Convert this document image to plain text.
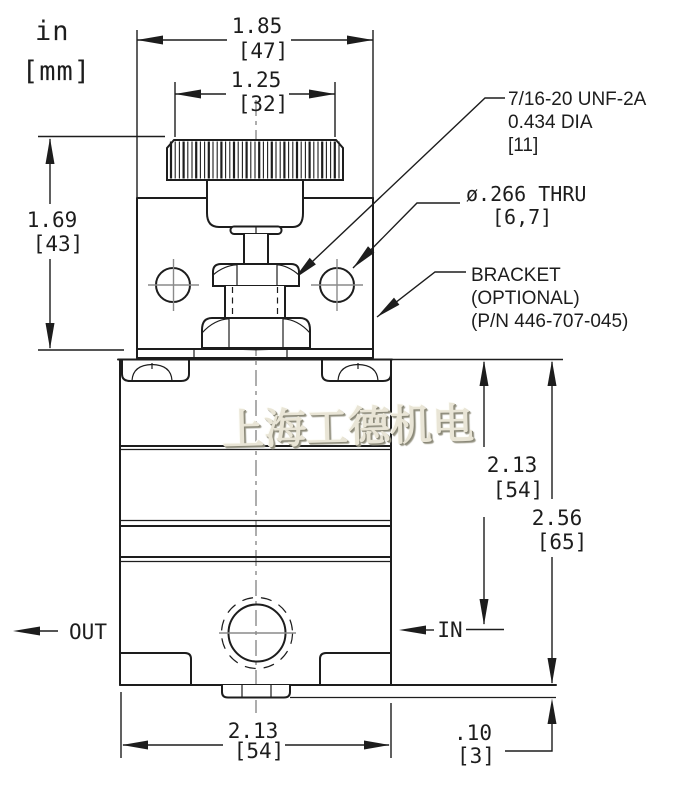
1.85
[47]
1.25
[32]
1.69
[43]
2.13
[54]
2.56
[65]
2.13
[54]
.10
[3]
OUT	IN
in
[mm]
7/16-20 UNF-2A
0.434 DIA
[11]
ø.266 THRU
[6,7]
BRACKET
(OPTIONAL)
(P/N 446-707-045)
上海工德机电
